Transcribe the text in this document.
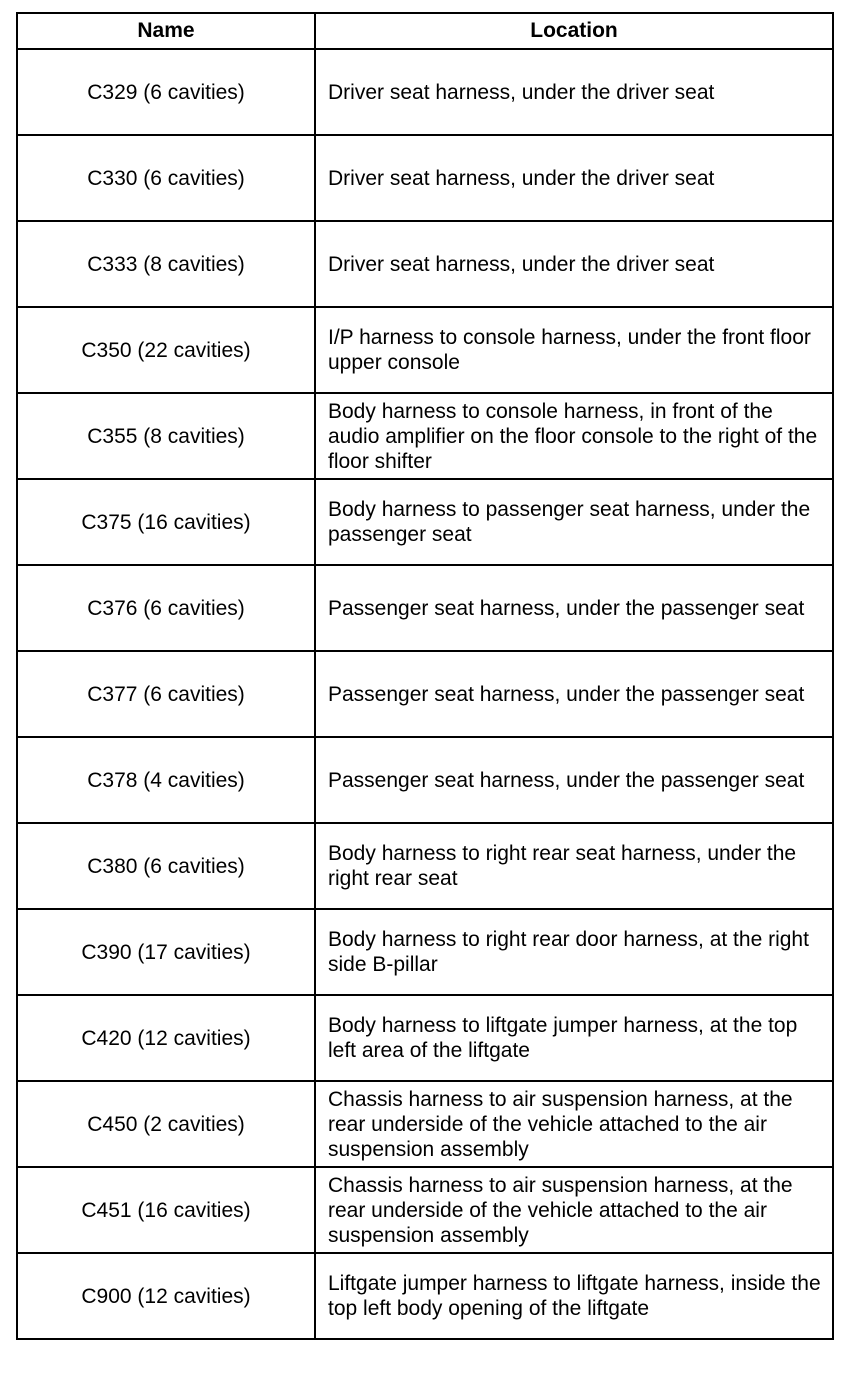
Name	Location
C329 (6 cavities)	Driver seat harness, under the driver seat
C330 (6 cavities)	Driver seat harness, under the driver seat
C333 (8 cavities)	Driver seat harness, under the driver seat
C350 (22 cavities)	I/P harness to console harness, under the front floor upper console
C355 (8 cavities)	Body harness to console harness, in front of the audio amplifier on the floor console to the right of the floor shifter
C375 (16 cavities)	Body harness to passenger seat harness, under the passenger seat
C376 (6 cavities)	Passenger seat harness, under the passenger seat
C377 (6 cavities)	Passenger seat harness, under the passenger seat
C378 (4 cavities)	Passenger seat harness, under the passenger seat
C380 (6 cavities)	Body harness to right rear seat harness, under the right rear seat
C390 (17 cavities)	Body harness to right rear door harness, at the right side B-pillar
C420 (12 cavities)	Body harness to liftgate jumper harness, at the top left area of the liftgate
C450 (2 cavities)	Chassis harness to air suspension harness, at the rear underside of the vehicle attached to the air suspension assembly
C451 (16 cavities)	Chassis harness to air suspension harness, at the rear underside of the vehicle attached to the air suspension assembly
C900 (12 cavities)	Liftgate jumper harness to liftgate harness, inside the top left body opening of the liftgate
